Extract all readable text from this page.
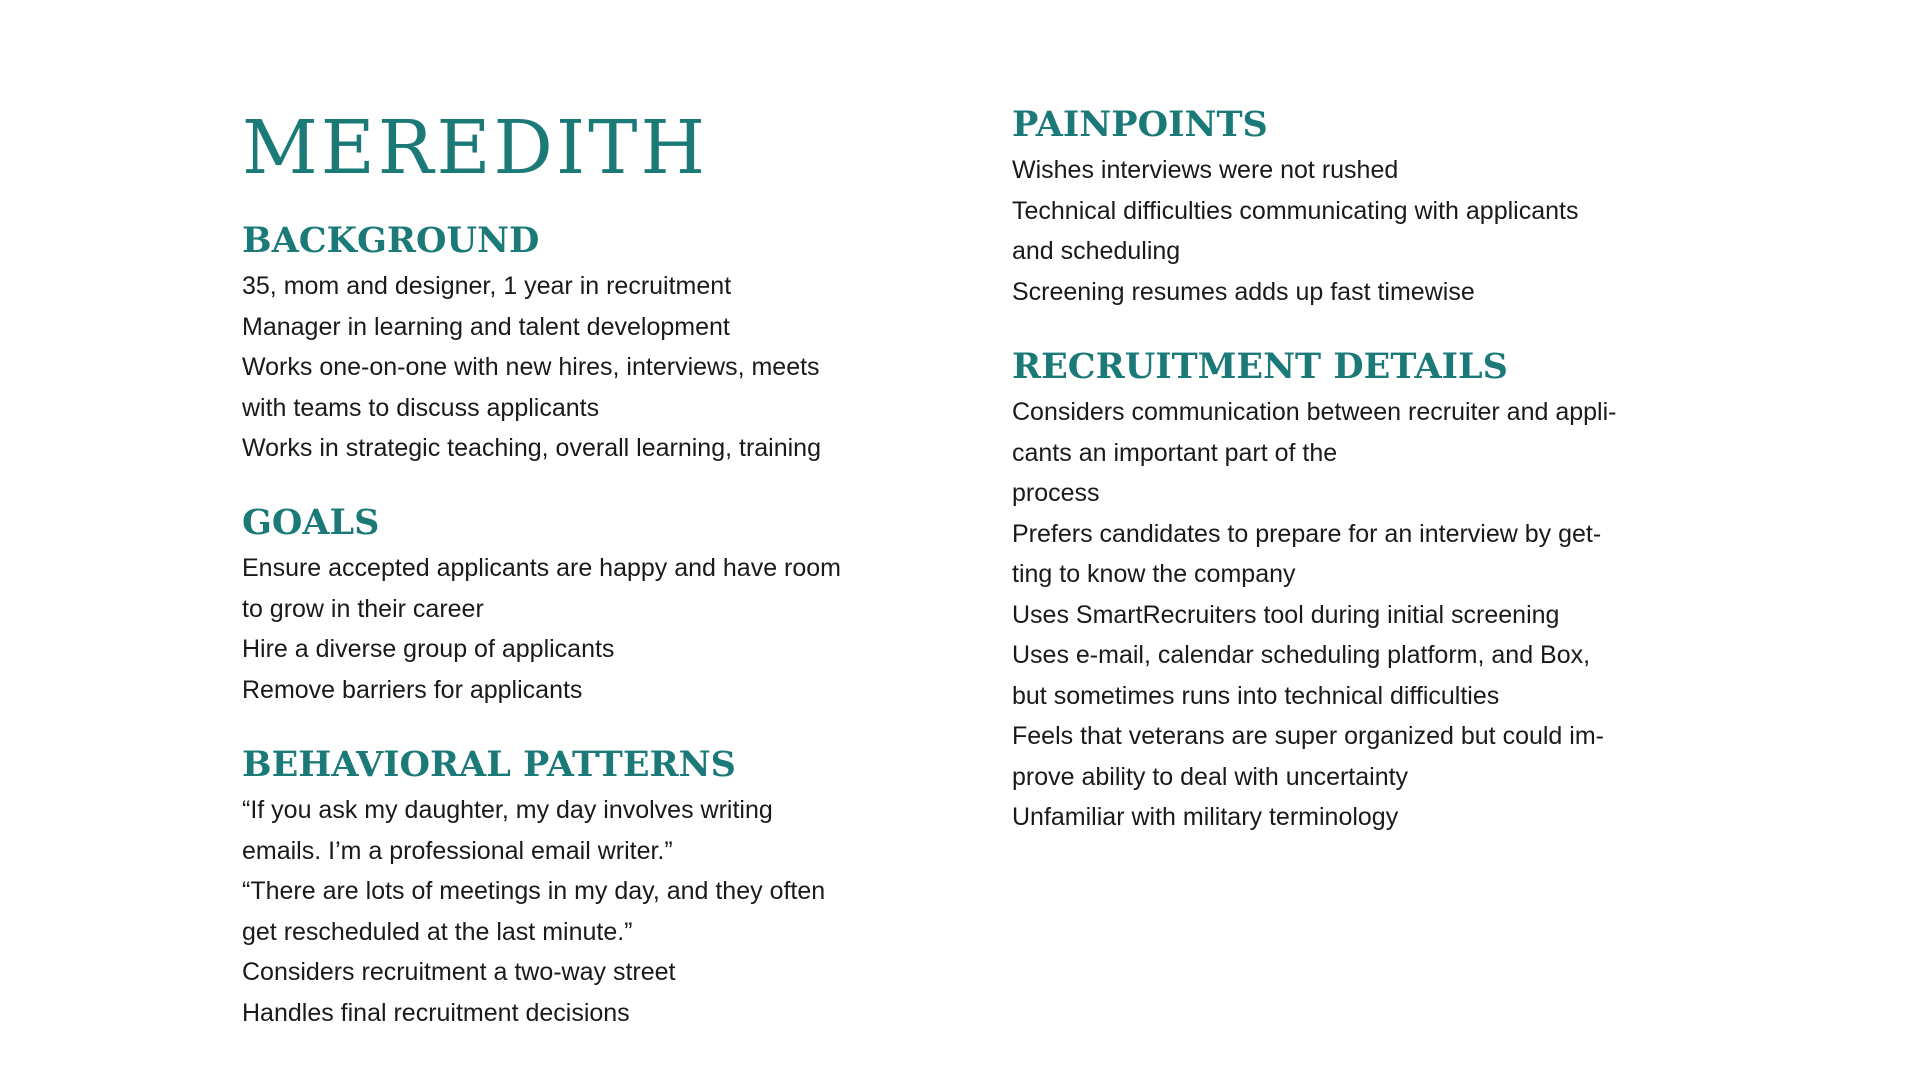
MEREDITH
BACKGROUND
35, mom and designer, 1 year in recruitment
Manager in learning and talent development
Works one-on-one with new hires, interviews, meets
with teams to discuss applicants
Works in strategic teaching, overall learning, training
GOALS
Ensure accepted applicants are happy and have room
to grow in their career
Hire a diverse group of applicants
Remove barriers for applicants
BEHAVIORAL PATTERNS
“If you ask my daughter, my day involves writing
emails. I’m a professional email writer.”
“There are lots of meetings in my day, and they often
get rescheduled at the last minute.”
Considers recruitment a two-way street
Handles final recruitment decisions
PAINPOINTS
Wishes interviews were not rushed
Technical difficulties communicating with applicants
and scheduling
Screening resumes adds up fast timewise
RECRUITMENT DETAILS
Considers communication between recruiter and appli-
cants an important part of the
process
Prefers candidates to prepare for an interview by get-
ting to know the company
Uses SmartRecruiters tool during initial screening
Uses e-mail, calendar scheduling platform, and Box,
but sometimes runs into technical difficulties
Feels that veterans are super organized but could im-
prove ability to deal with uncertainty
Unfamiliar with military terminology
